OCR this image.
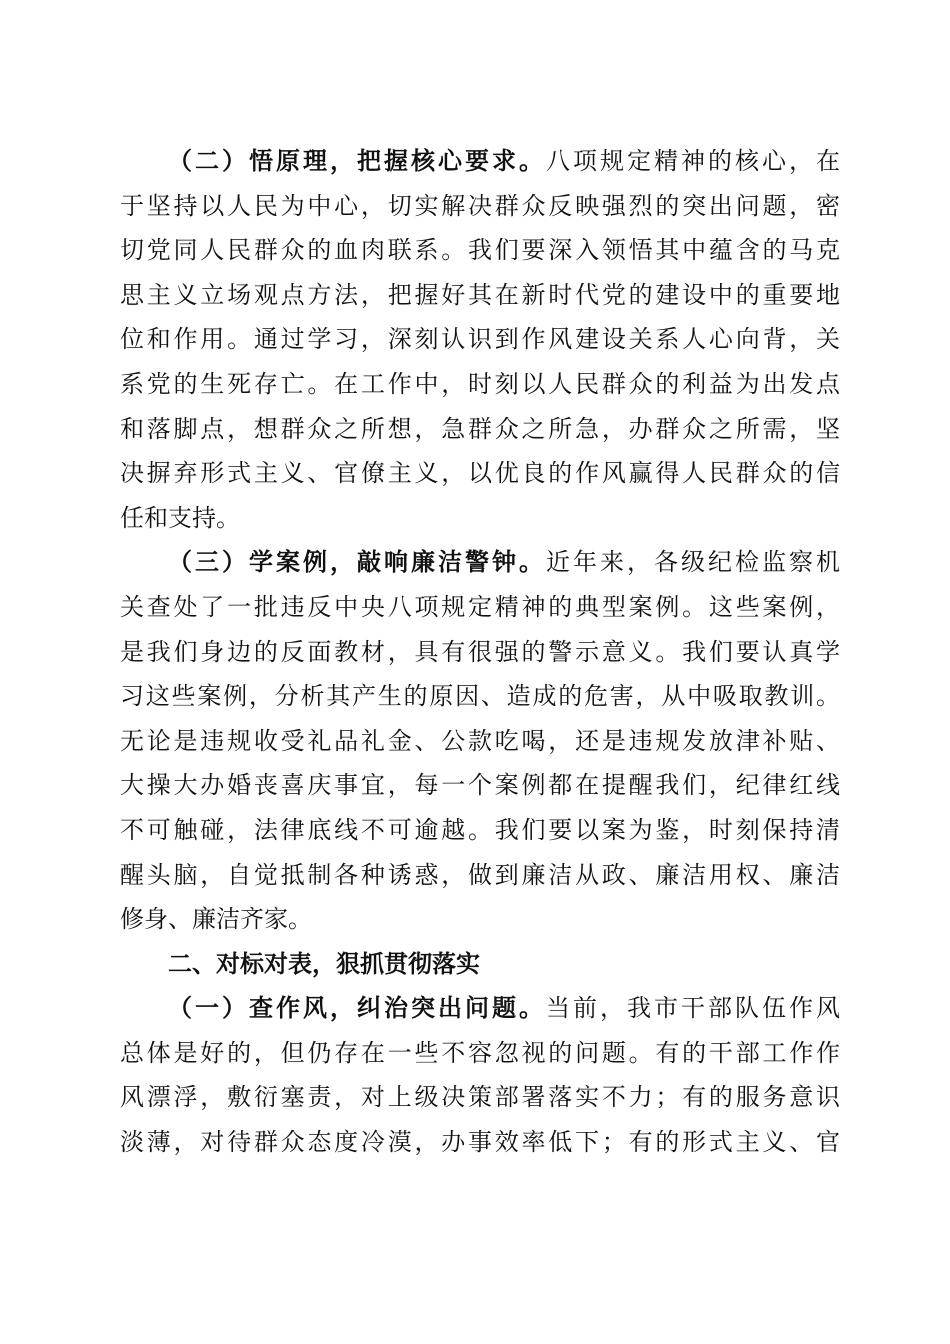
（二）悟原理，把握核心要求。八项规定精神的核心，在
于坚持以人民为中心，切实解决群众反映强烈的突出问题，密
切党同人民群众的血肉联系。我们要深入领悟其中蕴含的马克
思主义立场观点方法，把握好其在新时代党的建设中的重要地
位和作用。通过学习，深刻认识到作风建设关系人心向背，关
系党的生死存亡。在工作中，时刻以人民群众的利益为出发点
和落脚点，想群众之所想，急群众之所急，办群众之所需，坚
决摒弃形式主义、官僚主义，以优良的作风赢得人民群众的信
任和支持。
（三）学案例，敲响廉洁警钟。近年来，各级纪检监察机
关查处了一批违反中央八项规定精神的典型案例。这些案例，
是我们身边的反面教材，具有很强的警示意义。我们要认真学
习这些案例，分析其产生的原因、造成的危害，从中吸取教训。
无论是违规收受礼品礼金、公款吃喝，还是违规发放津补贴、
大操大办婚丧喜庆事宜，每一个案例都在提醒我们，纪律红线
不可触碰，法律底线不可逾越。我们要以案为鉴，时刻保持清
醒头脑，自觉抵制各种诱惑，做到廉洁从政、廉洁用权、廉洁
修身、廉洁齐家。
二、对标对表，狠抓贯彻落实
（一）查作风，纠治突出问题。当前，我市干部队伍作风
总体是好的，但仍存在一些不容忽视的问题。有的干部工作作
风漂浮，敷衍塞责，对上级决策部署落实不力；有的服务意识
淡薄，对待群众态度冷漠，办事效率低下；有的形式主义、官
